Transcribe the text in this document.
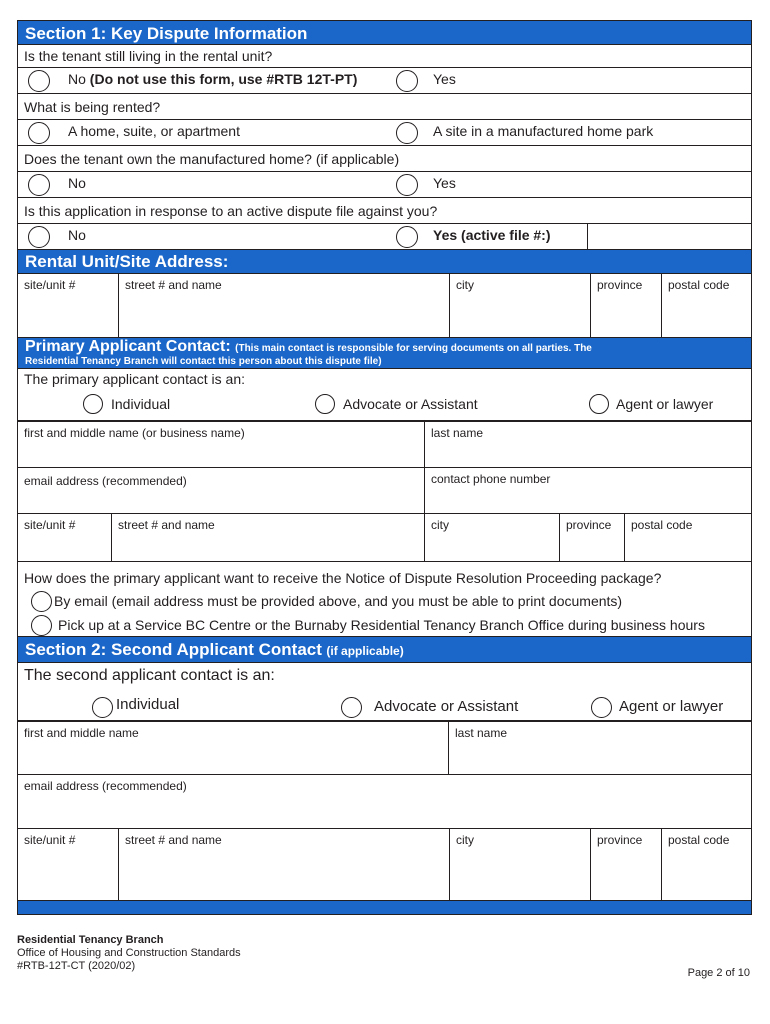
Section 1: Key Dispute Information
Is the tenant still living in the rental unit?
No (Do not use this form, use #RTB 12T-PT)	Yes
What is being rented?
A home, suite, or apartment	A site in a manufactured home park
Does the tenant own the manufactured home? (if applicable)
No	Yes
Is this application in response to an active dispute file against you?
No	Yes (active file #:)
Rental Unit/Site Address:
site/unit #	street # and name	city	province	postal code
Primary Applicant Contact: (This main contact is responsible for serving documents on all parties. The
Residential Tenancy Branch will contact this person about this dispute file)
The primary applicant contact is an:
Individual	Advocate or Assistant	Agent or lawyer
first and middle name (or business name)	last name
email address (recommended)	contact phone number
site/unit #	street # and name	city	province	postal code
How does the primary applicant want to receive the Notice of Dispute Resolution Proceeding package?
By email (email address must be provided above, and you must be able to print documents)
Pick up at a Service BC Centre or the Burnaby Residential Tenancy Branch Office during business hours
Section 2: Second Applicant Contact (if applicable)
The second applicant contact is an:
Individual	Advocate or Assistant	Agent or lawyer
first and middle name	last name
email address (recommended)
site/unit #	street # and name	city	province	postal code
Residential Tenancy Branch
Office of Housing and Construction Standards
#RTB-12T-CT (2020/02)
Page 2 of 10
